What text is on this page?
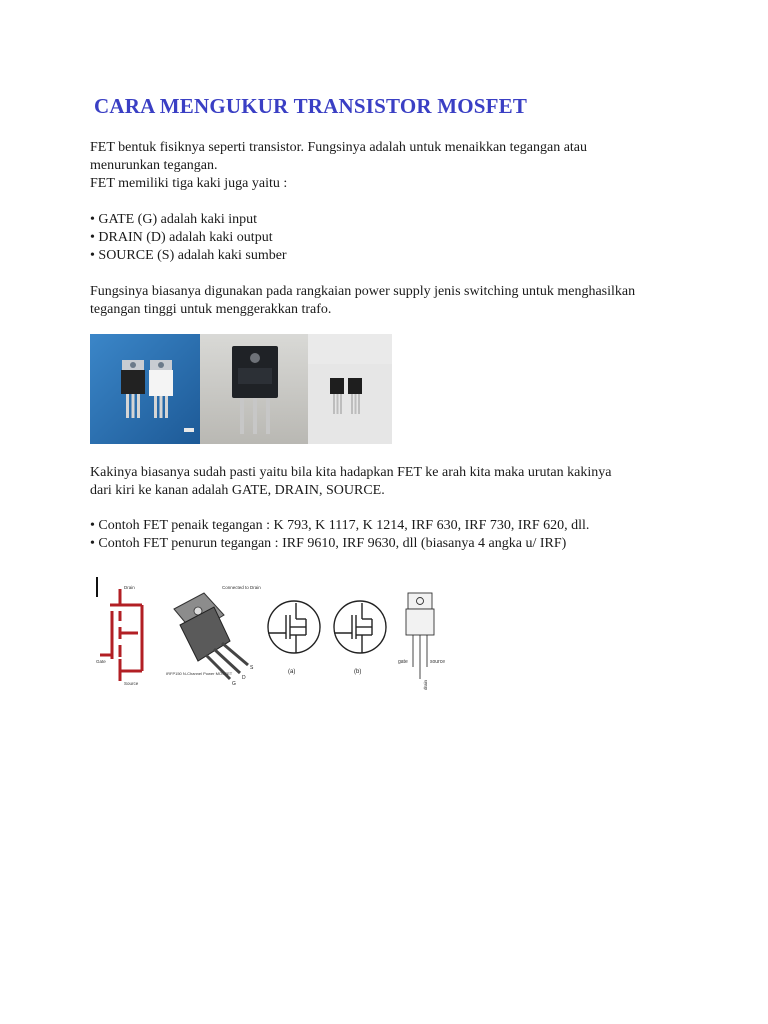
CARA MENGUKUR TRANSISTOR MOSFET
FET bentuk fisiknya seperti transistor. Fungsinya adalah untuk menaikkan tegangan atau
menurunkan tegangan.
FET memiliki tiga kaki juga yaitu :
• GATE (G) adalah kaki input
• DRAIN (D) adalah kaki output
• SOURCE (S) adalah kaki sumber
Fungsinya biasanya digunakan pada rangkaian power supply jenis switching untuk menghasilkan
tegangan tinggi untuk menggerakkan trafo.
Kakinya biasanya sudah pasti yaitu bila kita hadapkan FET ke arah kita maka urutan kakinya
dari kiri ke kanan adalah GATE, DRAIN, SOURCE.
• Contoh FET penaik tegangan : K 793, K 1117, K 1214, IRF 630, IRF 730, IRF 620, dll.
• Contoh FET penurun tegangan : IRF 9610, IRF 9630, dll (biasanya 4 angka u/ IRF)
Drain
Gate
Source
Connected to Drain
G
D
S
IRFP150 N-Channel Power MOSFET	(a)	(b)
gate	source
drain
